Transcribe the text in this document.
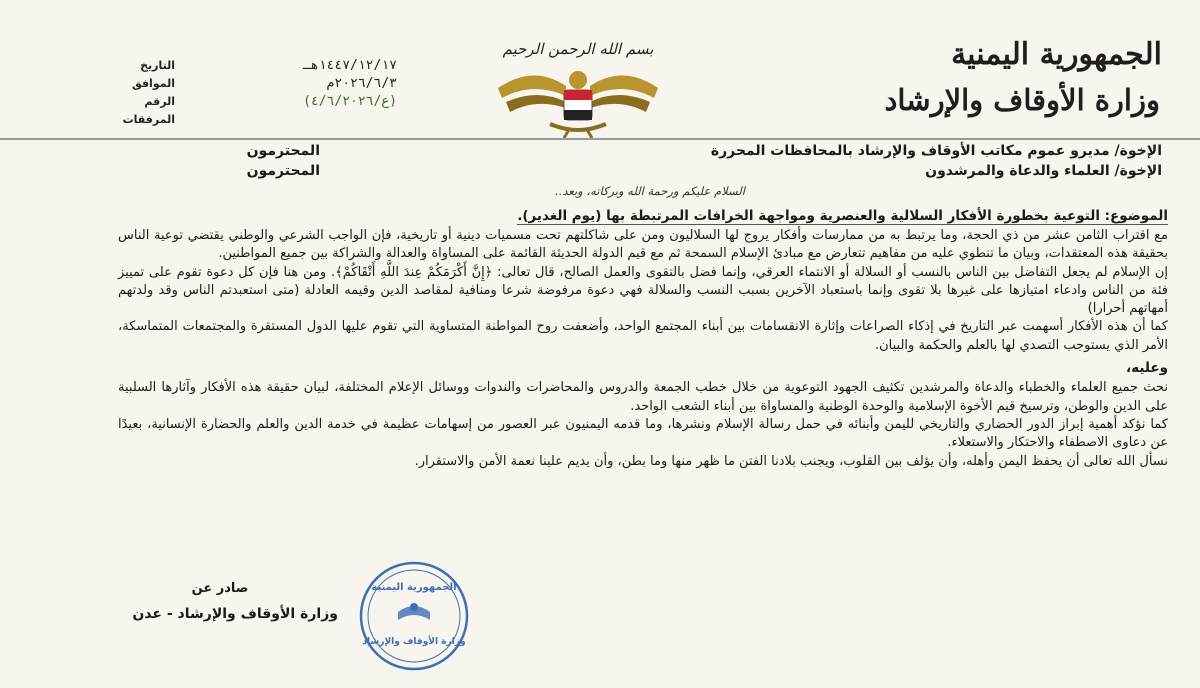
الجمهورية اليمنية
وزارة الأوقاف والإرشاد
بسم الله الرحمن الرحيم
التاريخ	١٤٤٧/١٢/١٧هـ
الموافق	٢٠٢٦/٦/٣م
الرقم	(ع/٤/٦/٢٠٢٦)
المرفقات
الإخوة/ مديرو عموم مكاتب الأوقاف والإرشاد بالمحافظات المحررة
المحترمون
الإخوة/ العلماء والدعاة والمرشدون
المحترمون
السلام عليكم ورحمة الله وبركاته، وبعد..
الموضوع: التوعية بخطورة الأفكار السلالية والعنصرية ومواجهة الخرافات المرتبطة بها (يوم الغدير).

مع اقتراب الثامن عشر من ذي الحجة، وما يرتبط به من ممارسات وأفكار يروج لها السلاليون ومن على شاكلتهم تحت مسميات دينية أو تاريخية، فإن الواجب الشرعي والوطني يقتضي توعية الناس بحقيقة هذه المعتقدات، وبيان ما تنطوي عليه من مفاهيم تتعارض مع مبادئ الإسلام السمحة ثم مع قيم الدولة الحديثة القائمة على المساواة والعدالة والشراكة بين جميع المواطنين.

إن الإسلام لم يجعل التفاضل بين الناس بالنسب أو السلالة أو الانتماء العرقي، وإنما فضل بالتقوى والعمل الصالح، قال تعالى: ﴿إِنَّ أَكْرَمَكُمْ عِندَ اللَّهِ أَتْقَاكُمْ﴾. ومن هنا فإن كل دعوة تقوم على تمييز فئة من الناس وادعاء امتيازها على غيرها بلا تقوى وإنما باستعباد الآخرين بسبب النسب والسلالة فهي دعوة مرفوضة شرعا ومنافية لمقاصد الدين وقيمه العادلة (متى استعبدتم الناس وقد ولدتهم أمهاتهم أحرارا)

كما أن هذه الأفكار أسهمت عبر التاريخ في إذكاء الصراعات وإثارة الانقسامات بين أبناء المجتمع الواحد، وأضعفت روح المواطنة المتساوية التي تقوم عليها الدول المستقرة والمجتمعات المتماسكة، الأمر الذي يستوجب التصدي لها بالعلم والحكمة والبيان.

وعليه،

نحث جميع العلماء والخطباء والدعاة والمرشدين تكثيف الجهود التوعوية من خلال خطب الجمعة والدروس والمحاضرات والندوات ووسائل الإعلام المختلفة، لبيان حقيقة هذه الأفكار وآثارها السلبية على الدين والوطن، وترسيخ قيم الأخوة الإسلامية والوحدة الوطنية والمساواة بين أبناء الشعب الواحد.

كما نؤكد أهمية إبراز الدور الحضاري والتاريخي لليمن وأبنائه في حمل رسالة الإسلام ونشرها، وما قدمه اليمنيون عبر العصور من إسهامات عظيمة في خدمة الدين والعلم والحضارة الإنسانية، بعيدًا عن دعاوى الاصطفاء والاحتكار والاستعلاء.

نسأل الله تعالى أن يحفظ اليمن وأهله، وأن يؤلف بين القلوب، ويجنب بلادنا الفتن ما ظهر منها وما بطن، وأن يديم علينا نعمة الأمن والاستقرار.

صادر عن
وزارة الأوقاف والإرشاد - عدن
الجمهورية اليمنية
وزارة الأوقاف والإرشاد
